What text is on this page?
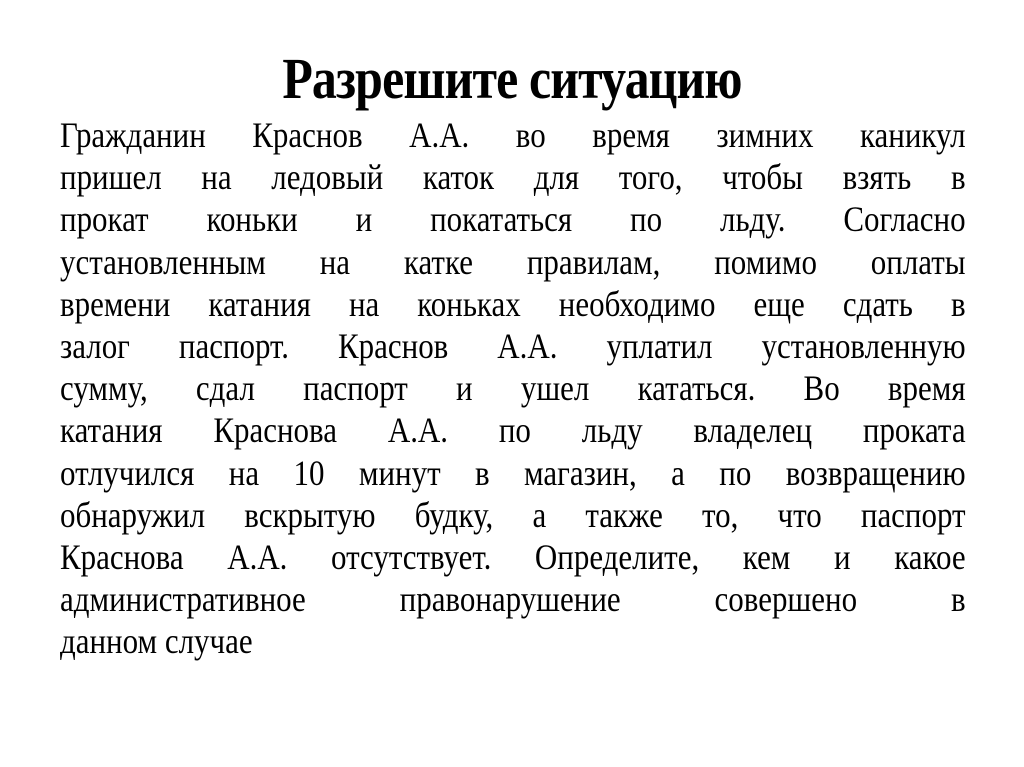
Разрешите ситуацию
Гражданин Краснов А.А. во время зимних каникул
пришел на ледовый каток для того, чтобы взять в
прокат коньки и покататься по льду. Согласно
установленным на катке правилам, помимо оплаты
времени катания на коньках необходимо еще сдать в
залог паспорт. Краснов А.А. уплатил установленную
сумму, сдал паспорт и ушел кататься. Во время
катания Краснова А.А. по льду владелец проката
отлучился на 10 минут в магазин, а по возвращению
обнаружил вскрытую будку, а также то, что паспорт
Краснова А.А. отсутствует. Определите, кем и какое
административное правонарушение совершено в
данном случае
